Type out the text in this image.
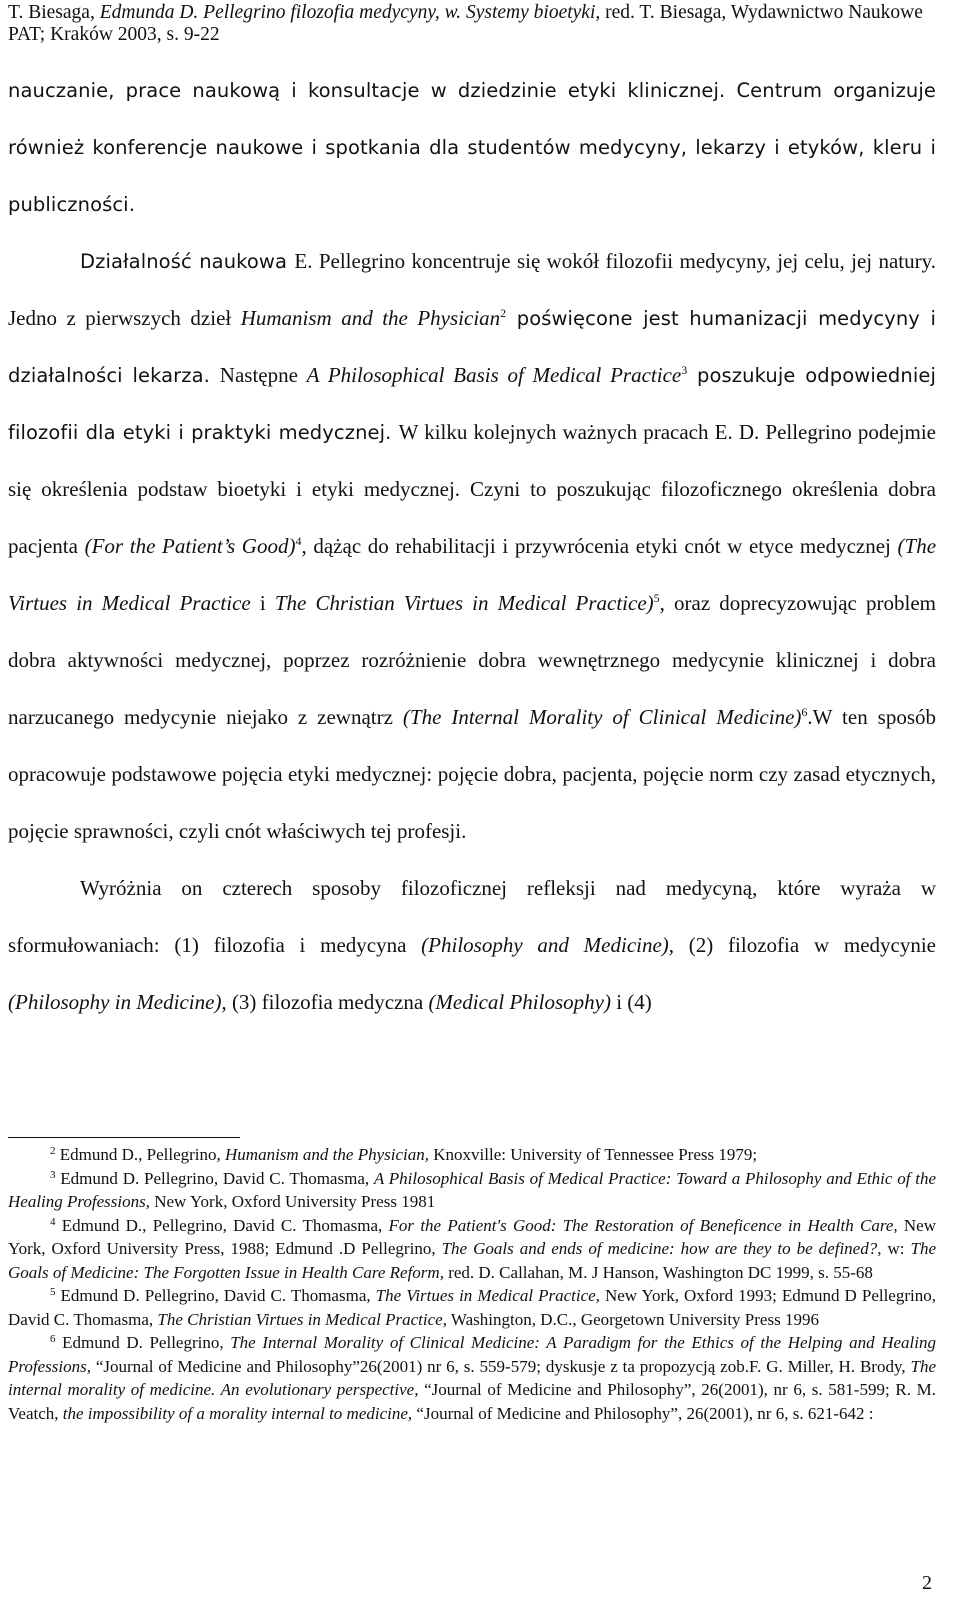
T. Biesaga, Edmunda D. Pellegrino filozofia medycyny, w. Systemy bioetyki, red. T. Biesaga, Wydawnictwo Naukowe PAT; Kraków 2003, s. 9-22

nauczanie, prace naukową i konsultacje w dziedzinie etyki klinicznej. Centrum organizuje również konferencje naukowe i spotkania dla studentów medycyny, lekarzy i etyków, kleru i publiczności.

Działalność naukowa E. Pellegrino koncentruje się wokół filozofii medycyny, jej celu, jej natury. Jedno z pierwszych dzieł Humanism and the Physician$^2$ poświęcone jest humanizacji medycyny i działalności lekarza. Następne A Philosophical Basis of Medical Practice$^3$ poszukuje odpowiedniej filozofii dla etyki i praktyki medycznej. W kilku kolejnych ważnych pracach E. D. Pellegrino podejmie się określenia podstaw bioetyki i etyki medycznej. Czyni to poszukując filozoficznego określenia dobra pacjenta (For the Patient’s Good)$^4$, dążąc do rehabilitacji i przywrócenia etyki cnót w etyce medycznej (The Virtues in Medical Practice i The Christian Virtues in Medical Practice)$^5$, oraz doprecyzowując problem dobra aktywności medycznej, poprzez rozróżnienie dobra wewnętrznego medycynie klinicznej i dobra narzucanego medycynie niejako z zewnątrz (The Internal Morality of Clinical Medicine)$^6$.W ten sposób opracowuje podstawowe pojęcia etyki medycznej: pojęcie dobra, pacjenta, pojęcie norm czy zasad etycznych, pojęcie sprawności, czyli cnót właściwych tej profesji.

Wyróżnia on czterech sposoby filozoficznej refleksji nad medycyną, które wyraża w sformułowaniach: (1) filozofia i medycyna (Philosophy and Medicine), (2) filozofia w medycynie (Philosophy in Medicine), (3) filozofia medyczna (Medical Philosophy) i (4)

$^2$ Edmund D., Pellegrino, Humanism and the Physician, Knoxville: University of Tennessee Press 1979;

$^3$ Edmund D. Pellegrino, David C. Thomasma, A Philosophical Basis of Medical Practice: Toward a Philosophy and Ethic of the Healing Professions, New York, Oxford University Press 1981

$^4$ Edmund D., Pellegrino, David C. Thomasma, For the Patient's Good: The Restoration of Beneficence in Health Care, New York, Oxford University Press, 1988; Edmund .D Pellegrino, The Goals and ends of medicine: how are they to be defined?, w: The Goals of Medicine: The Forgotten Issue in Health Care Reform, red. D. Callahan, M. J Hanson, Washington DC 1999, s. 55-68

$^5$ Edmund D. Pellegrino, David C. Thomasma, The Virtues in Medical Practice, New York, Oxford 1993; Edmund D Pellegrino, David C. Thomasma, The Christian Virtues in Medical Practice, Washington, D.C., Georgetown University Press 1996

$^6$ Edmund D. Pellegrino, The Internal Morality of Clinical Medicine: A Paradigm for the Ethics of the Helping and Healing Professions, “Journal of Medicine and Philosophy”26(2001) nr 6, s. 559-579; dyskusje z ta propozycją zob.F. G. Miller, H. Brody, The internal morality of medicine. An evolutionary perspective, “Journal of Medicine and Philosophy”, 26(2001), nr 6, s. 581-599; R. M. Veatch, the impossibility of a morality internal to medicine, “Journal of Medicine and Philosophy”, 26(2001), nr 6, s. 621-642 :

2
